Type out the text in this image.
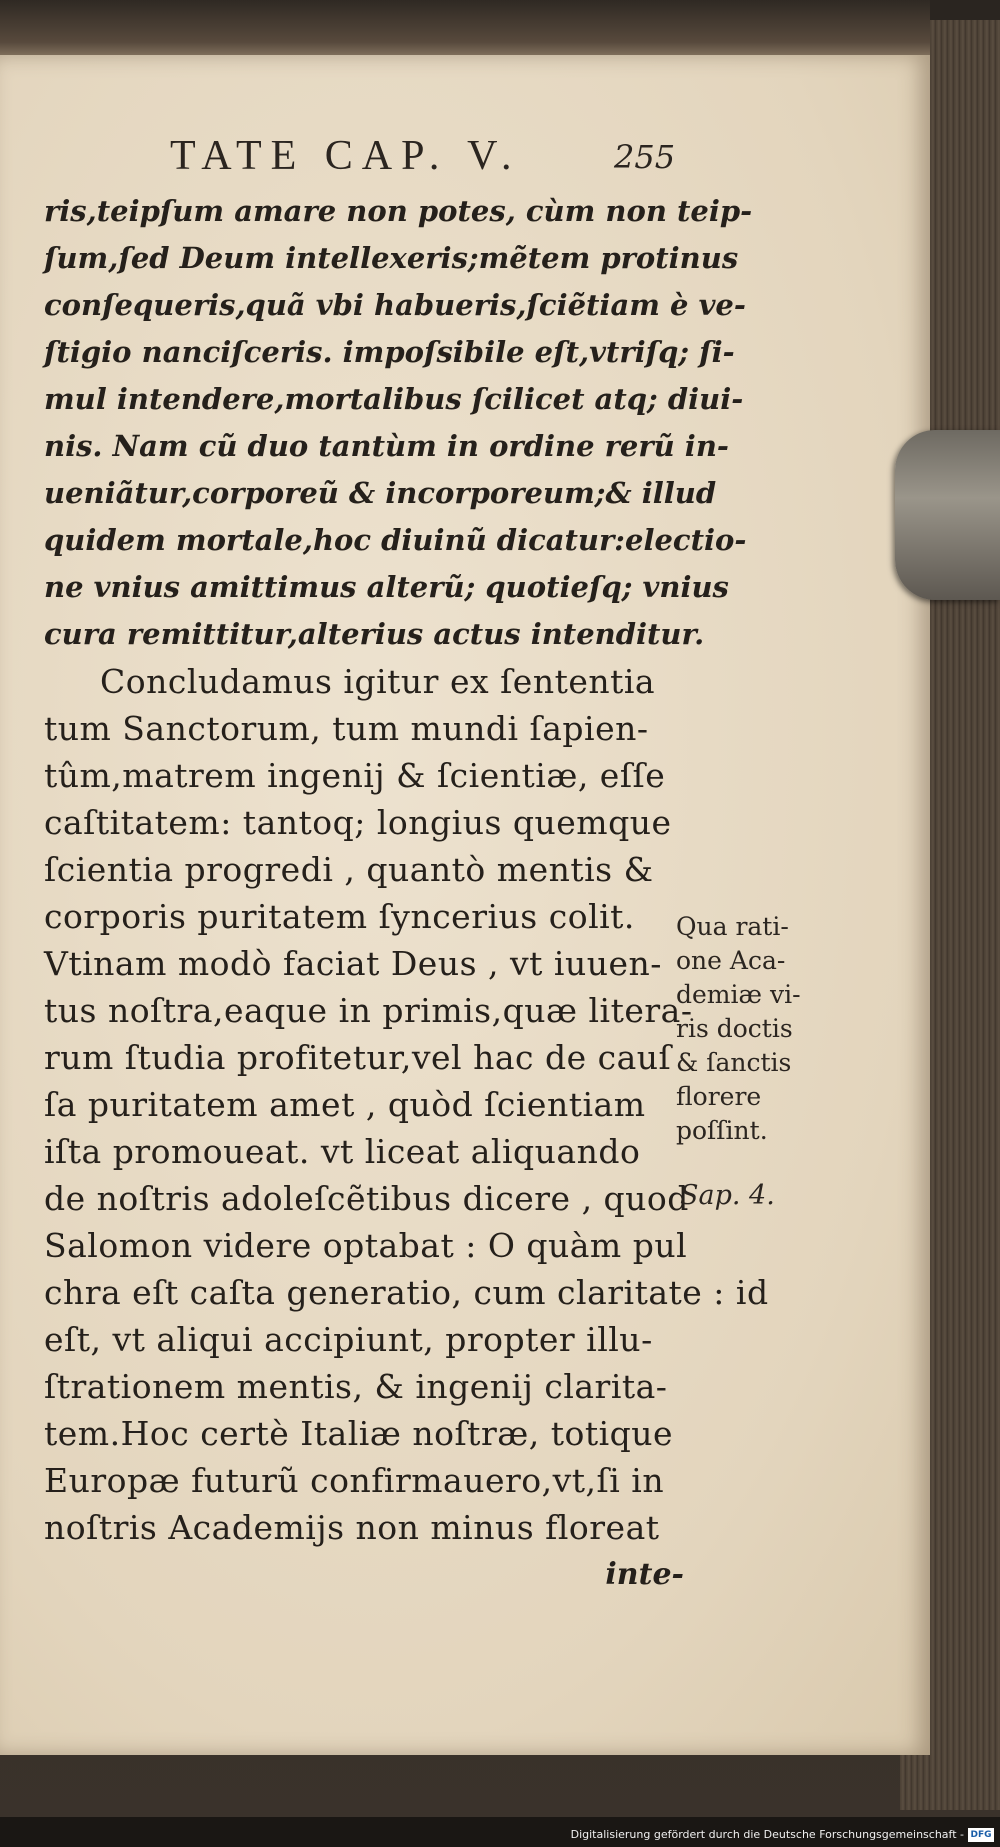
TATE CAP. V.	255
ris,teipſum amare non potes, cùm non teip-
ſum,ſed Deum intellexeris;mẽtem protinus
conſequeris,quã vbi habueris,ſciẽtiam è ve-
ſtigio nanciſceris. impoſsibile eſt,vtriſq; ſi-
mul intendere,mortalibus ſcilicet atq; diui-
nis. Nam cũ duo tantùm in ordine rerũ in-
ueniãtur,corporeũ & incorporeum;& illud
quidem mortale,hoc diuinũ dicatur:electio-
ne vnius amittimus alterũ; quotieſq; vnius
cura remittitur,alterius actus intenditur.
Concludamus igitur ex ſententia
tum Sanctorum, tum mundi ſapien-
tûm,matrem ingenij & ſcientiæ, eſſe
caſtitatem: tantoq; longius quemque
ſcientia progredi , quantò mentis &
corporis puritatem ſyncerius colit.
Vtinam modò faciat Deus , vt iuuen-
tus noſtra,eaque in primis,quæ litera-
rum ſtudia profitetur,vel hac de cauſ
ſa puritatem amet , quòd ſcientiam
iſta promoueat. vt liceat aliquando
de noſtris adoleſcẽtibus dicere , quod
Salomon videre optabat : O quàm pul
chra eſt caſta generatio, cum claritate : id
eſt, vt aliqui accipiunt, propter illu-
ſtrationem mentis, & ingenij clarita-
tem.Hoc certè Italiæ noſtræ, totique
Europæ futurũ confirmauero,vt,ſi in
noſtris Academijs non minus floreat
inte-
Qua rati-
one Aca-
demiæ vi-
ris doctis
& ſanctis
florere
poſſint.
Sap. 4.
Digitalisierung gefördert durch die Deutsche Forschungsgemeinschaft - DFG
